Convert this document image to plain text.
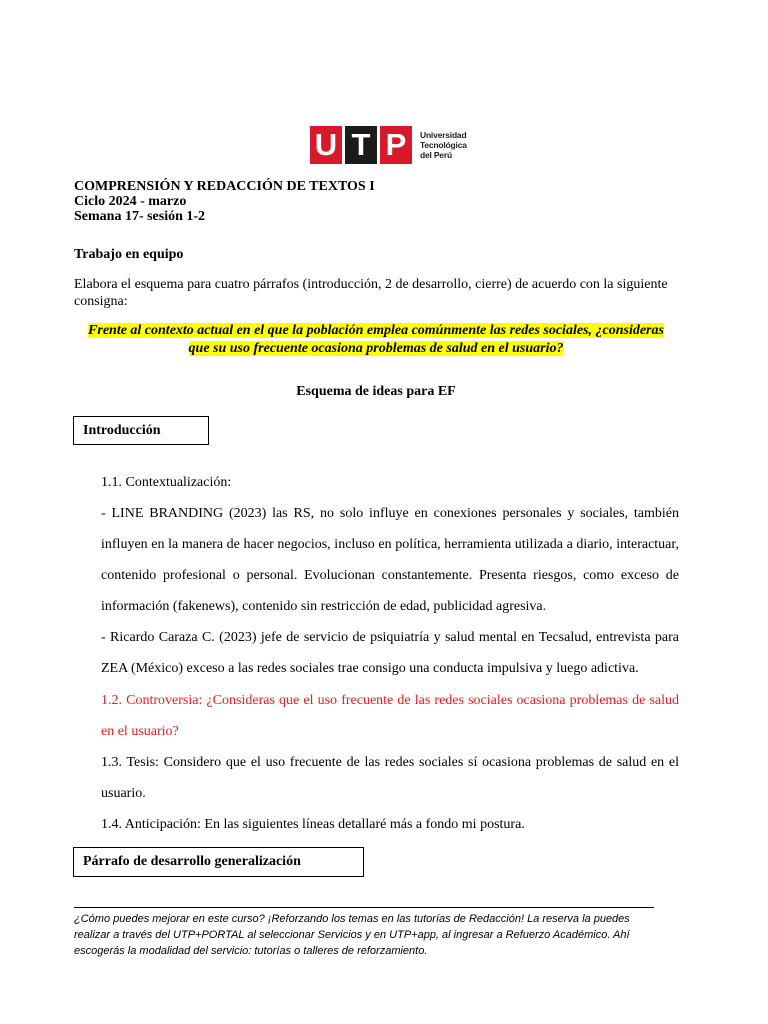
U T P	Universidad
Tecnológica
del Perú
COMPRENSIÓN Y REDACCIÓN DE TEXTOS I
Ciclo 2024 - marzo
Semana 17- sesión 1-2
Trabajo en equipo
Elabora el esquema para cuatro párrafos (introducción, 2 de desarrollo, cierre) de acuerdo con la siguiente consigna:
Frente al contexto actual en el que la población emplea comúnmente las redes sociales, ¿consideras
que su uso frecuente ocasiona problemas de salud en el usuario?
Esquema de ideas para EF
Introducción
1.1. Contextualización:
- LINE BRANDING (2023) las RS, no solo influye en conexiones personales y sociales, también influyen en la manera de hacer negocios, incluso en política, herramienta utilizada a diario, interactuar, contenido profesional o personal. Evolucionan constantemente. Presenta riesgos, como exceso de información (fakenews), contenido sin restricción de edad, publicidad agresiva.
- Ricardo Caraza C. (2023) jefe de servicio de psiquiatría y salud mental en Tecsalud, entrevista para ZEA (México) exceso a las redes sociales trae consigo una conducta impulsiva y luego adictiva.
1.2. Controversia: ¿Consideras que el uso frecuente de las redes sociales ocasiona problemas de salud en el usuario?
1.3. Tesis: Considero que el uso frecuente de las redes sociales sí ocasiona problemas de salud en el usuario.
1.4. Anticipación: En las siguientes líneas detallaré más a fondo mi postura.
Párrafo de desarrollo generalización
¿Cómo puedes mejorar en este curso? ¡Reforzando los temas en las tutorías de Redacción! La reserva la puedes realizar a través del UTP+PORTAL al seleccionar Servicios y en UTP+app, al ingresar a Refuerzo Académico. Ahí escogerás la modalidad del servicio: tutorías o talleres de reforzamiento.
